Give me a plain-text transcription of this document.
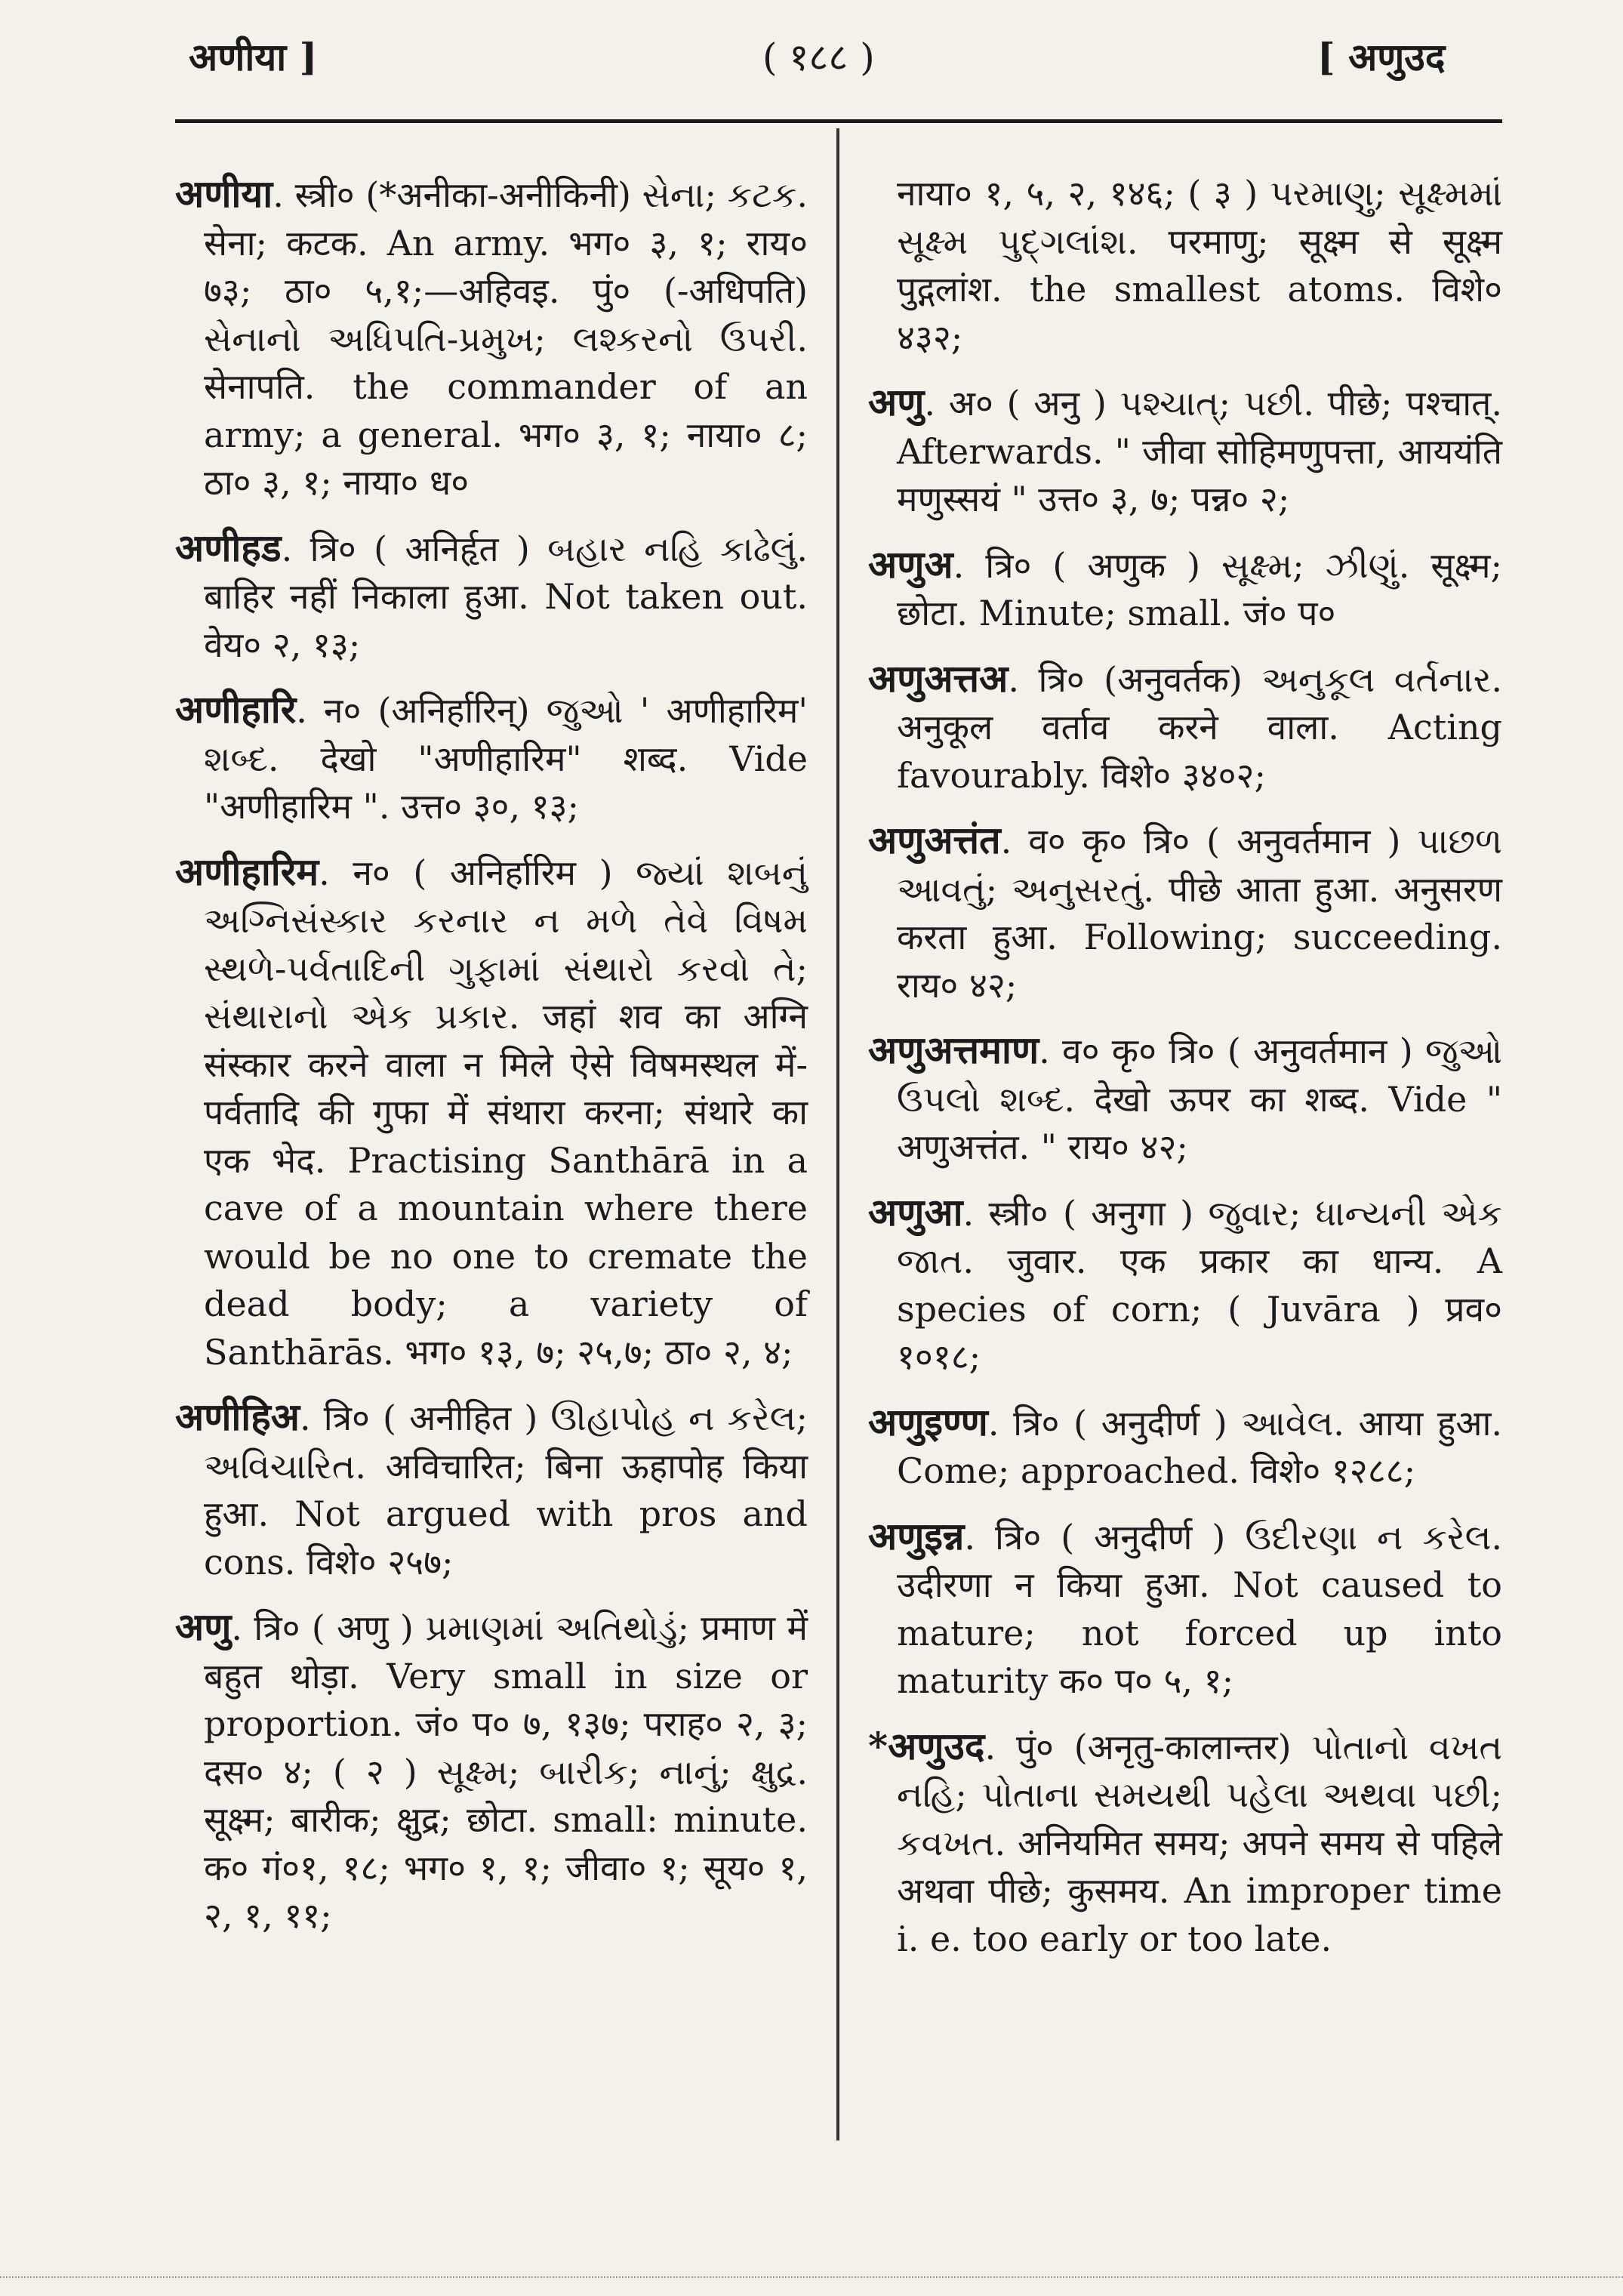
अणीया ]	( १८८ )	[ अणुउद

अणीया. स्त्री० (*अनीका-अनीकिनी) સેના; કટક. सेना; कटक. An army. भग० ३, १; राय० ७३; ठा० ५,१;—अहिवइ. पुं० (-अधिपति) સેનાનો અધિપતિ-પ્રમુખ; લશ્કરનો ઉપરી. सेनापति. the commander of an army; a general. भग० ३, १; नाया० ८; ठा० ३, १; नाया० ध०

अणीहड. त्रि० ( अनिर्हृत ) બહાર નહિ કાઢેલું. बाहिर नहीं निकाला हुआ. Not taken out. वेय० २, १३;

अणीहारि. न० (अनिर्हारिन्) જુઓ ' अणीहारिम' શબ્દ. देखो "अणीहारिम" शब्द. Vide "अणीहारिम ". उत्त० ३०, १३;

अणीहारिम. न० ( अनिर्हारिम ) જ્યાં શબનું અગ્નિસંસ્કાર કરનાર ન મળે તેવે વિષમ સ્થળે-પર્વતાદિની ગુફામાં સંથારો કરવો તે; સંથારાનો એક પ્રકાર. जहां शव का अग्नि संस्कार करने वाला न मिले ऐसे विषमस्थल में-पर्वतादि की गुफा में संथारा करना; संथारे का एक भेद. Practising Santhārā in a cave of a mountain where there would be no one to cremate the dead body; a variety of Santhārās. भग० १३, ७; २५,७; ठा० २, ४;

अणीहिअ. त्रि० ( अनीहित ) ઊહાપોહ ન કરેલ; અવિચારિત. अविचारित; बिना ऊहापोह किया हुआ. Not argued with pros and cons. विशे० २५७;

अणु. त्रि० ( अणु ) પ્રમાણમાં અતિથોડું; प्रमाण में बहुत थोड़ा. Very small in size or proportion. जं० प० ७, १३७; पराह० २, ३; दस० ४; ( २ ) સૂક્ષ્મ; બારીક; નાનું; ક્ષુદ્ર. सूक्ष्म; बारीक; क्षुद्र; छोटा. small: minute. क० गं०१, १८; भग० १, १; जीवा० १; सूय० १, २, १, ११;

नाया० १, ५, २, १४६; ( ३ ) પરમાણુ; સૂક્ષ્મમાં સૂક્ષ્મ પુદ્ગલાંશ. परमाणु; सूक्ष्म से सूक्ष्म पुद्गलांश. the smallest atoms. विशे० ४३२;

अणु. अ० ( अनु ) પશ્ચાત્; પછી. पीछे; पश्चात्. Afterwards. " जीवा सोहिमणुपत्ता, आययंति मणुस्सयं " उत्त० ३, ७; पन्न० २;

अणुअ. त्रि० ( अणुक ) સૂક્ષ્મ; ઝીણું. सूक्ष्म; छोटा. Minute; small. जं० प०

अणुअत्तअ. त्रि० (अनुवर्तक) અનુકૂલ વર્તનાર. अनुकूल वर्ताव करने वाला. Acting favourably. विशे० ३४०२;

अणुअत्तंत. व० कृ० त्रि० ( अनुवर्तमान ) પાછળ આવતું; અનુસરતું. पीछे आता हुआ. अनुसरण करता हुआ. Following; succeeding. राय० ४२;

अणुअत्तमाण. व० कृ० त्रि० ( अनुवर्तमान ) જુઓ ઉપલો શબ્દ. देखो ऊपर का शब्द. Vide " अणुअत्तंत. " राय० ४२;

अणुआ. स्त्री० ( अनुगा ) જુવાર; ધાન્યની એક જાત. जुवार. एक प्रकार का धान्य. A species of corn; ( Juvāra ) प्रव० १०१८;

अणुइण्ण. त्रि० ( अनुदीर्ण ) આવેલ. आया हुआ. Come; approached. विशे० १२८८;

अणुइन्न. त्रि० ( अनुदीर्ण ) ઉદીરણા ન કરેલ. उदीरणा न किया हुआ. Not caused to mature; not forced up into maturity क० प० ५, १;

*अणुउद. पुं० (अनृतु-कालान्तर) પોતાનો વખત નહિ; પોતાના સમયથી પહેલા અથવા પછી; કવખત. अनियमित समय; अपने समय से पहिले अथवा पीछे; कुसमय. An improper time i. e. too early or too late.
